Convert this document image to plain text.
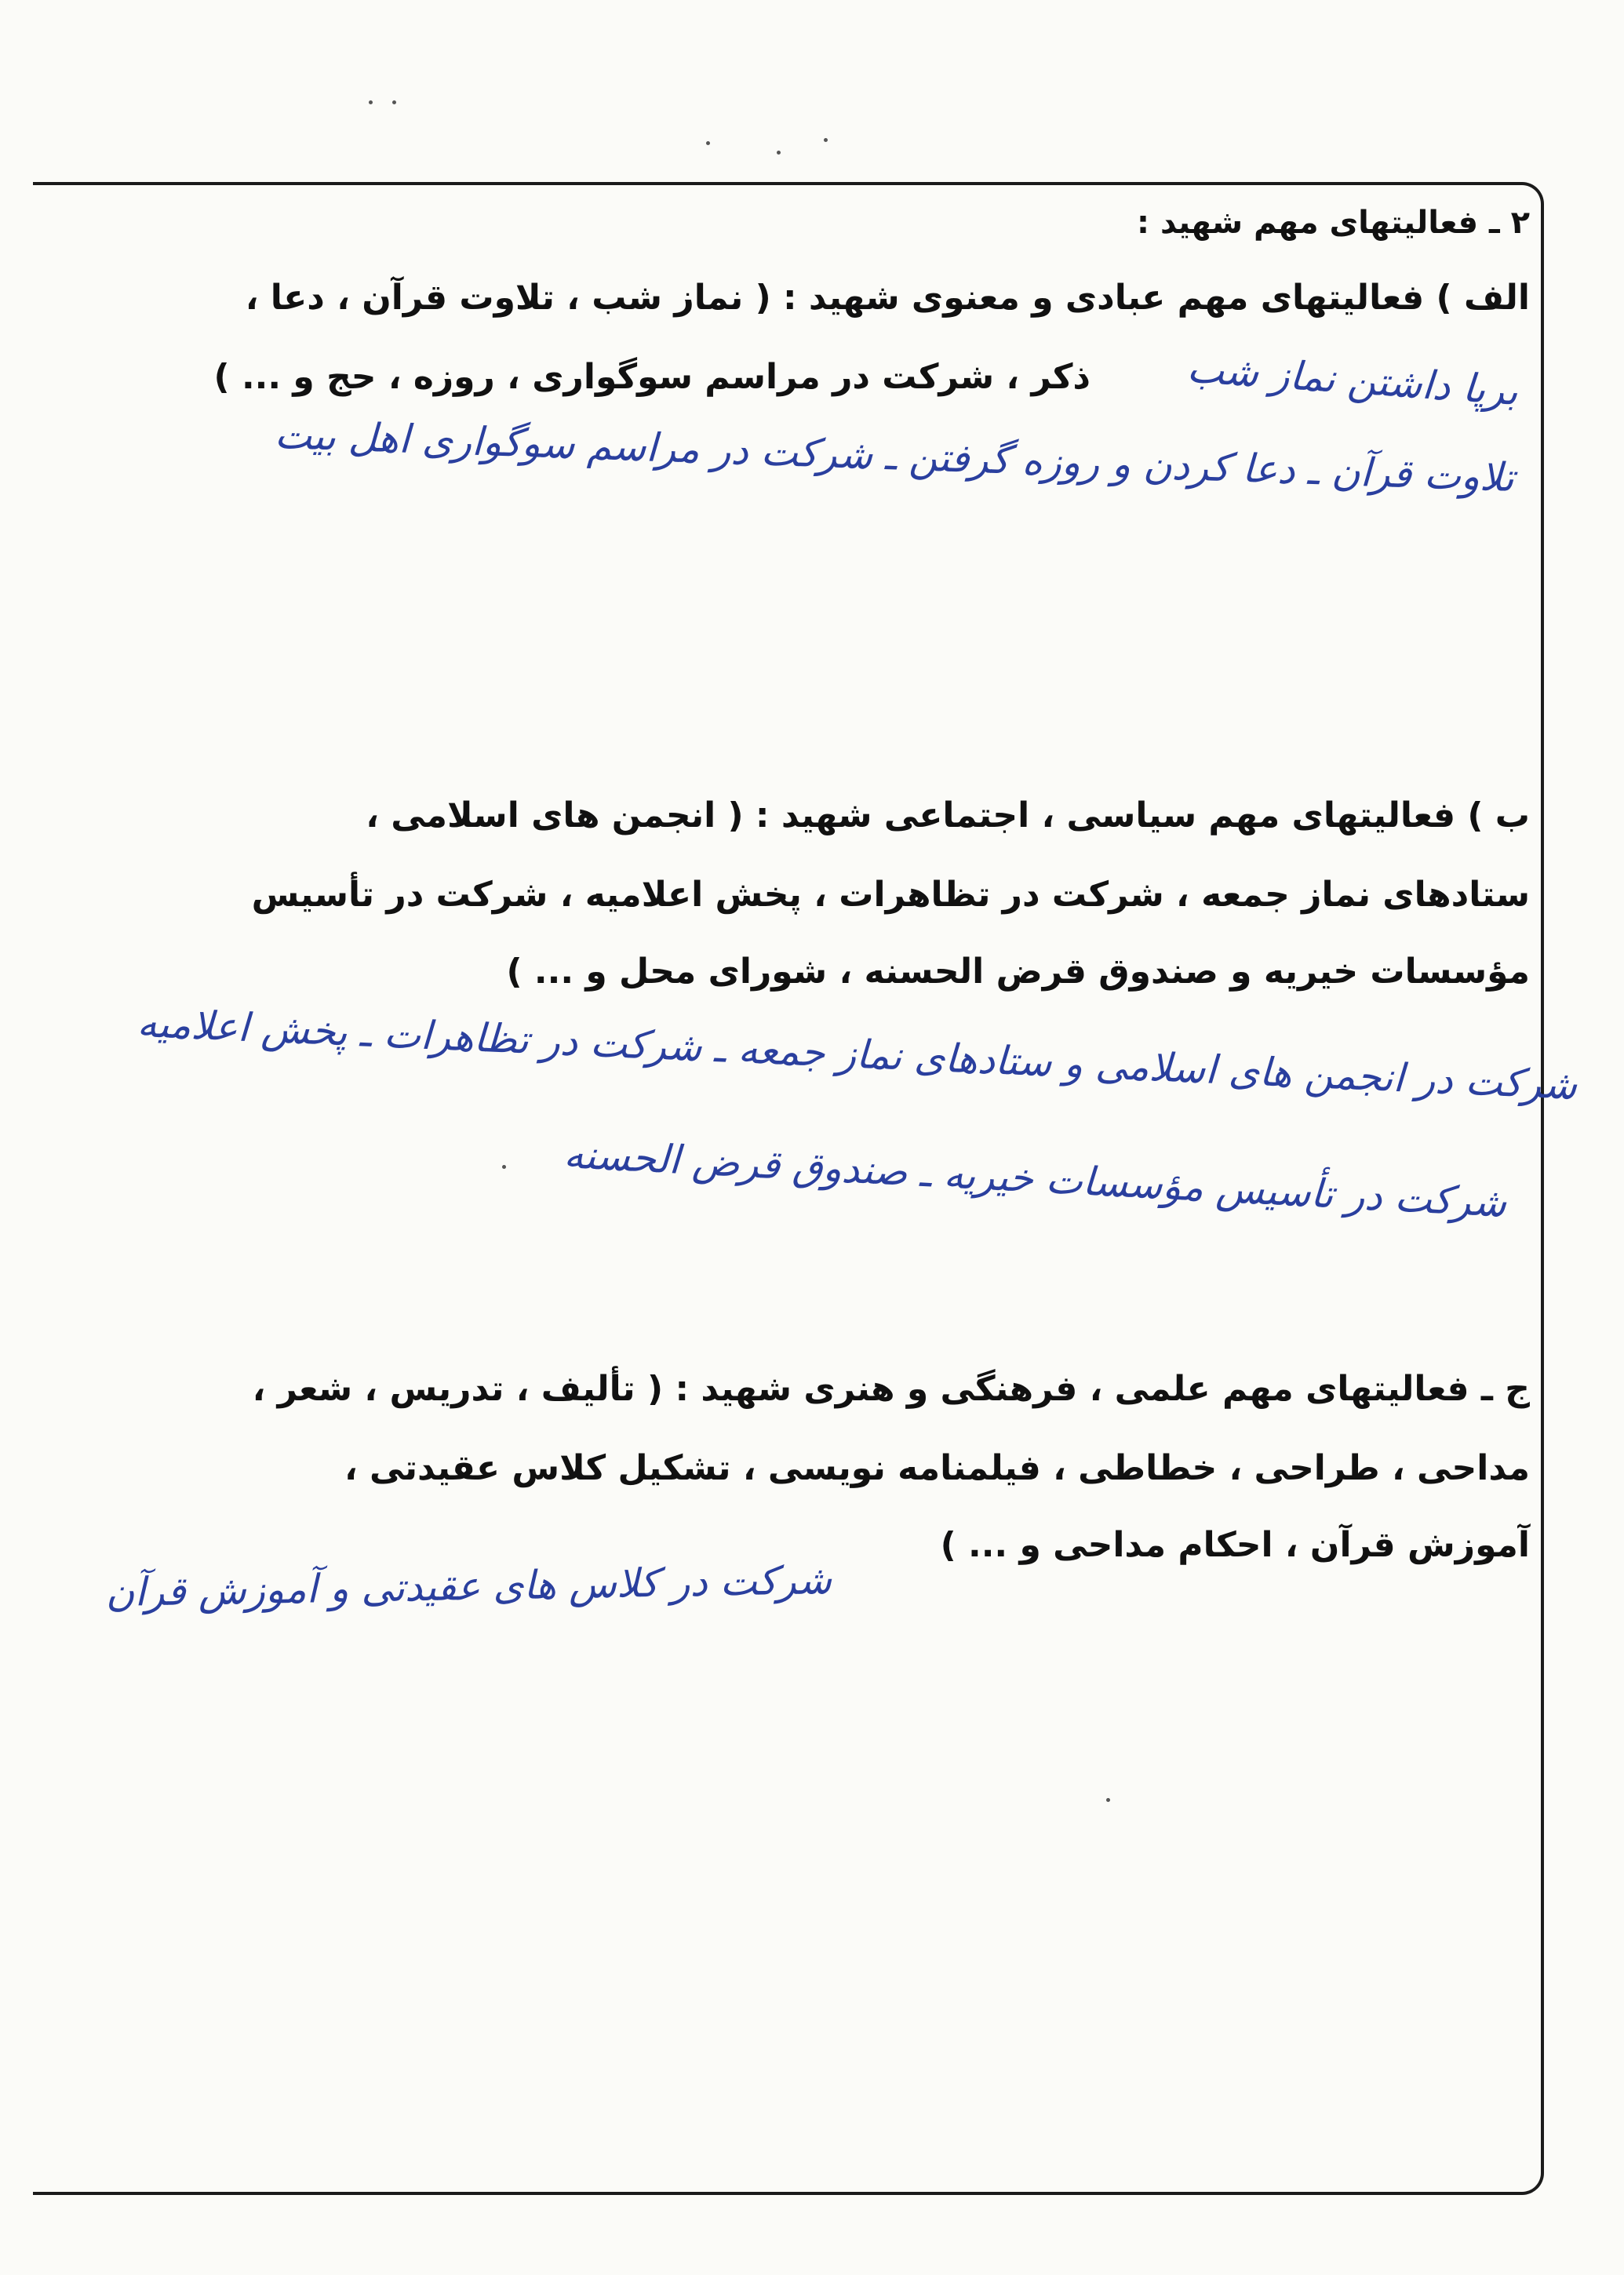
۲ ـ فعالیتهای مهم شهید :
الف ) فعالیتهای مهم عبادی و معنوی شهید : ( نماز شب ، تلاوت قرآن ، دعا ،
ذکر ، شرکت در مراسم سوگواری ، روزه ، حج و ... )	برپا داشتن نماز شب
تلاوت قرآن ـ دعا کردن و روزه گرفتن ـ شرکت در مراسم سوگواری اهل بیت
ب ) فعالیتهای مهم سیاسی ، اجتماعی شهید : ( انجمن های اسلامی ،
ستادهای نماز جمعه ، شرکت در تظاهرات ، پخش اعلامیه ، شرکت در تأسیس
مؤسسات خیریه و صندوق قرض الحسنه ، شورای محل و ... )
شرکت در انجمن های اسلامی و ستادهای نماز جمعه ـ شرکت در تظاهرات ـ پخش اعلامیه
شرکت در تأسیس مؤسسات خیریه ـ صندوق قرض الحسنه
ج ـ فعالیتهای مهم علمی ، فرهنگی و هنری شهید : ( تألیف ، تدریس ، شعر ،
مداحی ، طراحی ، خطاطی ، فیلمنامه نویسی ، تشکیل کلاس عقیدتی ،
آموزش قرآن ، احکام مداحی و ... )
شرکت در کلاس های عقیدتی و آموزش قرآن
